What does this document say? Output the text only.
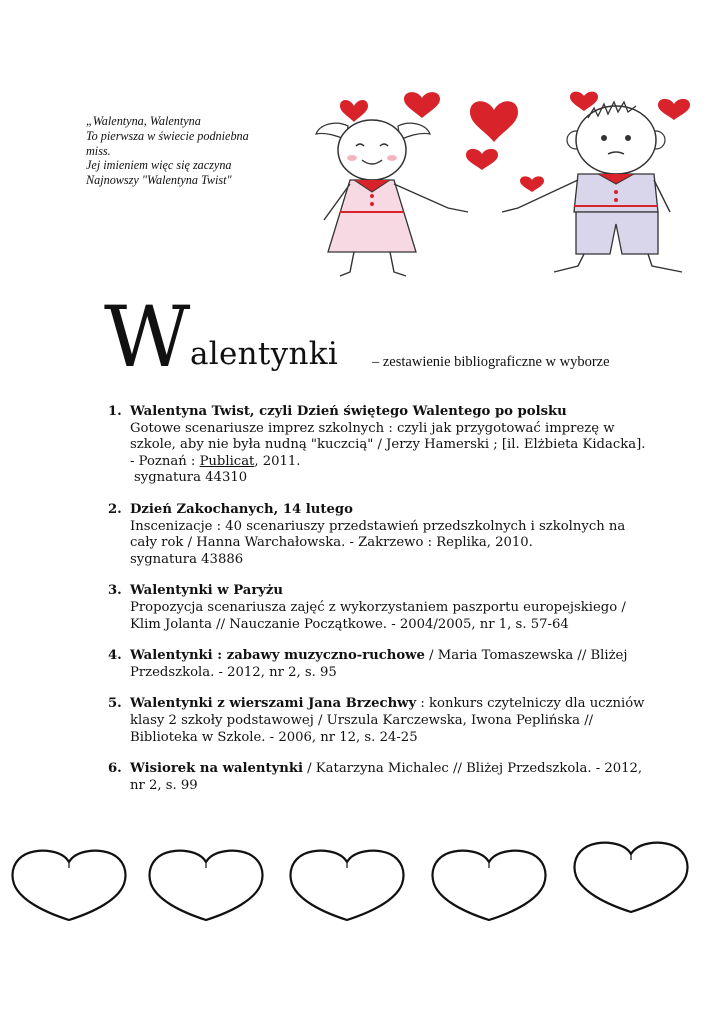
„Walentyna, Walentyna
To pierwsza w świecie podniebna
miss.
Jej imieniem więc się zaczyna
Najnowszy "Walentyna Twist"
W alentynki – zestawienie bibliograficzne w wyborze
1. Walentyna Twist, czyli Dzień świętego Walentego po polsku
Gotowe scenariusze imprez szkolnych : czyli jak przygotować imprezę w szkole, aby nie była nudną "kuczcią" / Jerzy Hamerski ; [il. Elżbieta Kidacka]. - Poznań : Publicat, 2011.
sygnatura 44310
2. Dzień Zakochanych, 14 lutego
Inscenizacje : 40 scenariuszy przedstawień przedszkolnych i szkolnych na cały rok / Hanna Warchałowska. - Zakrzewo : Replika, 2010.
sygnatura 43886
3. Walentynki w Paryżu
Propozycja scenariusza zajęć z wykorzystaniem paszportu europejskiego / Klim Jolanta // Nauczanie Początkowe. - 2004/2005, nr 1, s. 57-64
4. Walentynki : zabawy muzyczno-ruchowe / Maria Tomaszewska // Bliżej Przedszkola. - 2012, nr 2, s. 95
5. Walentynki z wierszami Jana Brzechwy : konkurs czytelniczy dla uczniów klasy 2 szkoły podstawowej / Urszula Karczewska, Iwona Peplińska // Biblioteka w Szkole. - 2006, nr 12, s. 24-25
6. Wisiorek na walentynki / Katarzyna Michalec // Bliżej Przedszkola. - 2012, nr 2, s. 99
